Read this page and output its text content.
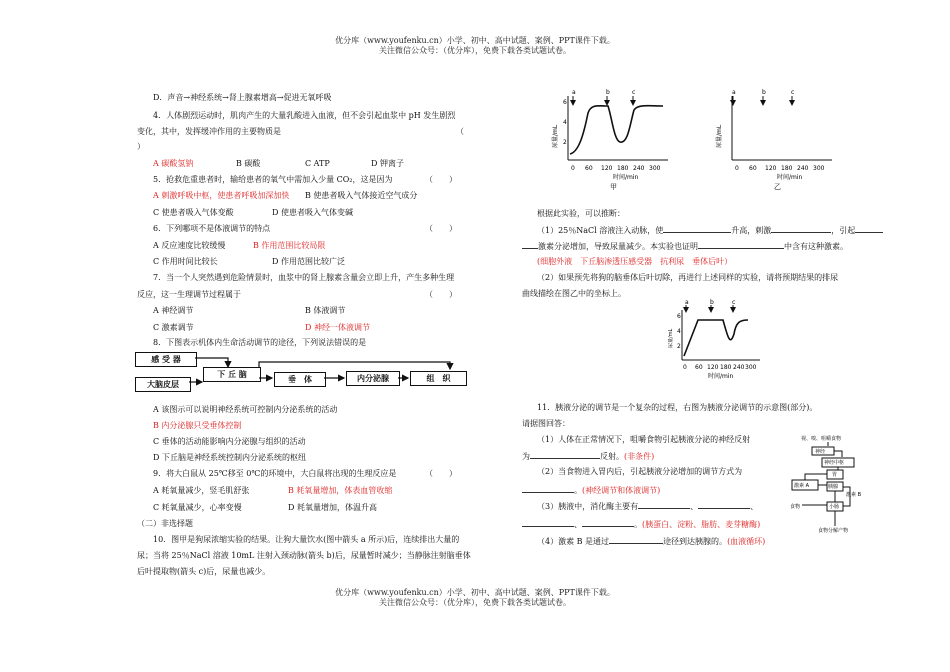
优分库（www.youfenku.cn）小学、初中、高中试题、案例、PPT课件下载。
关注微信公众号：（优分库），免费下载各类试题试卷。
优分库（www.youfenku.cn）小学、初中、高中试题、案例、PPT课件下载。
关注微信公众号：（优分库），免费下载各类试题试卷。
D．声音→神经系统→肾上腺素增高→促进无氧呼吸
4．人体剧烈运动时，肌肉产生的大量乳酸进入血液，但不会引起血浆中 pH 发生剧烈
变化，其中，发挥缓冲作用的主要物质是	（
）
A 碳酸氢钠	B 碳酸	C ATP	D 钾离子
5．抢救危重患者时，输给患者的氧气中需加入少量 CO₂，这是因为	（　　）
A 刺激呼吸中枢，使患者呼吸加深加快 B 使患者吸入气体接近空气成分
C 使患者吸入气体变酸	D 使患者吸入气体变碱
6．下列哪项不是体液调节的特点	（　　）
A 反应速度比较缓慢	B 作用范围比较局限
C 作用时间比较长	D 作用范围比较广泛
7．当一个人突然遇到危险情景时，血浆中的肾上腺素含量会立即上升，产生多种生理
反应，这一生理调节过程属于	（　　）
A 神经调节	B 体液调节
C 激素调节	D 神经一体液调节
8．下图表示机体内生命活动调节的途径，下列说法错误的是
感 受 器
大脑皮层
下 丘 脑	垂　体	内分泌腺	组　织
A 该图示可以说明神经系统可控制内分泌系统的活动
B 内分泌腺只受垂体控制
C 垂体的活动能影响内分泌腺与组织的活动
D 下丘脑是神经系统控制内分泌系统的枢纽
9．将大白鼠从 25℃移至 0℃的环境中，大白鼠将出现的生理反应是	（　　）
A 耗氧量减少，竖毛肌舒张	B 耗氧量增加，体表血管收缩
C 耗氧量减少，心率变慢	D 耗氧量增加，体温升高
（二）非选择题
10．图甲是狗尿浓缩实验的结果。让狗大量饮水(图中箭头 a 所示)后，连续排出大量的
尿；当将 25％NaCl 溶液 10mL 注射入颈动脉(箭头 b)后，尿量暂时减少；当静脉注射脑垂体
后叶提取物(箭头 c)后，尿量也减少。
0 60 120 180 240 300
2
4
6
尿量/mL
时间/min
甲
a	b	c
0 60 120 180 240 300
尿量/mL
时间/min
乙
a	b	c
根据此实验，可以推断：
（1）25％NaCl 溶液注入动脉，使	升高，刺激	，引起
激素分泌增加，导致尿量减少。本实验也证明	中含有这种激素。
(细胞外液　下丘脑渗透压感受器　抗利尿　垂体后叶）
（2）如果预先将狗的脑垂体后叶切除，再进行上述同样的实验，请将预期结果的排尿
曲线描绘在图乙中的坐标上。
0 60 120 180 240 300
2
4
6
尿量/mL
时间/min
a	b	c
11．胰液分泌的调节是一个复杂的过程，右图为胰液分泌调节的示意图(部分)。
请据图回答：
（1）人体在正常情况下，咀嚼食物引起胰液分泌的神经反射
为	反射。(非条件)
（2）当食物进入胃内后，引起胰液分泌增加的调节方式为
。(神经调节和体液调节)
（3）胰液中，消化酶主要有	、	、
、	。(胰蛋白、淀粉、脂肪、麦芽糖酶)
（4）激素 B 是通过	途径到达胰腺的。(血液循环)
视、嗅、咀嚼食物
神经
神经中枢
胃
激素 A	胰腺
激素 B
食物	小肠
食物分解产物
